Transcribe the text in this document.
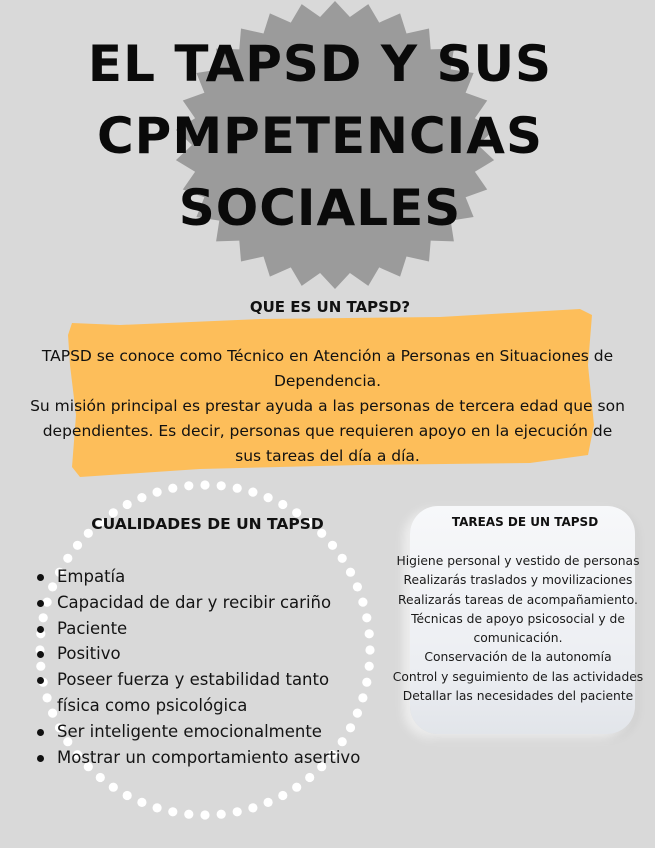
EL TAPSD Y SUS
CPMPETENCIAS
SOCIALES
QUE ES UN TAPSD?

TAPSD se conoce como Técnico en Atención a Personas en Situaciones de Dependencia.

Su misión principal es prestar ayuda a las personas de tercera edad que son dependientes. Es decir, personas que requieren apoyo en la ejecución de sus tareas del día a día.

CUALIDADES DE UN TAPSD
Empatía
Capacidad de dar y recibir cariño
Paciente
Positivo
Poseer fuerza y estabilidad tanto
física como psicológica
Ser inteligente emocionalmente
Mostrar un comportamiento asertivo
TAREAS DE UN TAPSD
Higiene personal y vestido de personas
Realizarás traslados y movilizaciones
Realizarás tareas de acompañamiento.
Técnicas de apoyo psicosocial y de
comunicación.
Conservación de la autonomía
Control y seguimiento de las actividades
Detallar las necesidades del paciente
